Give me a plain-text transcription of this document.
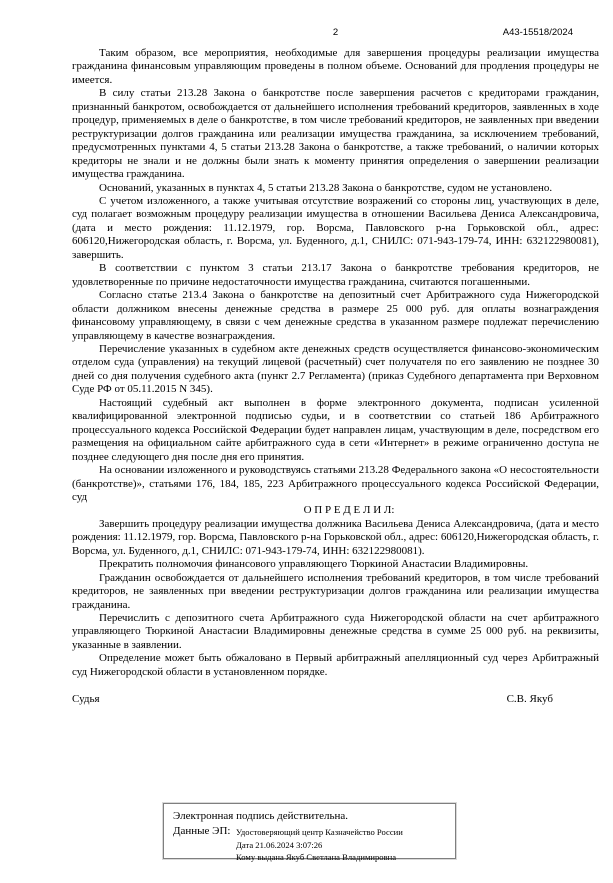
2	А43-15518/2024

Таким образом, все мероприятия, необходимые для завершения процедуры реализации имущества гражданина финансовым управляющим проведены в полном объеме. Оснований для продления процедуры не имеется.

В силу статьи 213.28 Закона о банкротстве после завершения расчетов с кредиторами гражданин, признанный банкротом, освобождается от дальнейшего исполнения требований кредиторов, заявленных в ходе процедур, применяемых в деле о банкротстве, в том числе требований кредиторов, не заявленных при введении реструктуризации долгов гражданина или реализации имущества гражданина, за исключением требований, предусмотренных пунктами 4, 5 статьи 213.28 Закона о банкротстве, а также требований, о наличии которых кредиторы не знали и не должны были знать к моменту принятия определения о завершении реализации имущества гражданина.

Оснований, указанных в пунктах 4, 5 статьи 213.28 Закона о банкротстве, судом не установлено.

С учетом изложенного, а также учитывая отсутствие возражений со стороны лиц, участвующих в деле, суд полагает возможным процедуру реализации имущества в отношении Васильева Дениса Александровича, (дата и место рождения: 11.12.1979, гор. Ворсма, Павловского р-на Горьковской обл., адрес: 606120,Нижегородская область, г. Ворсма, ул. Буденного, д.1, СНИЛС: 071-943-179-74, ИНН: 632122980081), завершить.

В соответствии с пунктом 3 статьи 213.17 Закона о банкротстве требования кредиторов, не удовлетворенные по причине недостаточности имущества гражданина, считаются погашенными.

Согласно статье 213.4 Закона о банкротстве на депозитный счет Арбитражного суда Нижегородской области должником внесены денежные средства в размере 25 000 руб. для оплаты вознаграждения финансовому управляющему, в связи с чем денежные средства в указанном размере подлежат перечислению управляющему в качестве вознаграждения.

Перечисление указанных в судебном акте денежных средств осуществляется финансово-экономическим отделом суда (управления) на текущий лицевой (расчетный) счет получателя по его заявлению не позднее 30 дней со дня получения судебного акта (пункт 2.7 Регламента) (приказ Судебного департамента при Верховном Суде РФ от 05.11.2015 N 345).

Настоящий судебный акт выполнен в форме электронного документа, подписан усиленной квалифицированной электронной подписью судьи, и в соответствии со статьей 186 Арбитражного процессуального кодекса Российской Федерации будет направлен лицам, участвующим в деле, посредством его размещения на официальном сайте арбитражного суда в сети «Интернет» в режиме ограниченно доступа не позднее следующего дня после дня его принятия.

На основании изложенного и руководствуясь статьями 213.28 Федерального закона «О несостоятельности (банкротстве)», статьями 176, 184, 185, 223 Арбитражного процессуального кодекса Российской Федерации, суд

О П Р Е Д Е Л И Л:

Завершить процедуру реализации имущества должника Васильева Дениса Александровича, (дата и место рождения: 11.12.1979, гор. Ворсма, Павловского р-на Горьковской обл., адрес: 606120,Нижегородская область, г. Ворсма, ул. Буденного, д.1, СНИЛС: 071-943-179-74, ИНН: 632122980081).

Прекратить полномочия финансового управляющего Тюркиной Анастасии Владимировны.

Гражданин освобождается от дальнейшего исполнения требований кредиторов, в том числе требований кредиторов, не заявленных при введении реструктуризации долгов гражданина или реализации имущества гражданина.

Перечислить с депозитного счета Арбитражного суда Нижегородской области на счет арбитражного управляющего Тюркиной Анастасии Владимировны денежные средства в сумме 25 000 руб. на реквизиты, указанные в заявлении.

Определение может быть обжаловано в Первый арбитражный апелляционный суд через Арбитражный суд Нижегородской области в установленном порядке.

Судья	С.В. Якуб
Электронная подпись действительна.
Данные ЭП: Удостоверяющий центр Казначейство России
Дата 21.06.2024 3:07:26
Кому выдана Якуб Светлана Владимировна
